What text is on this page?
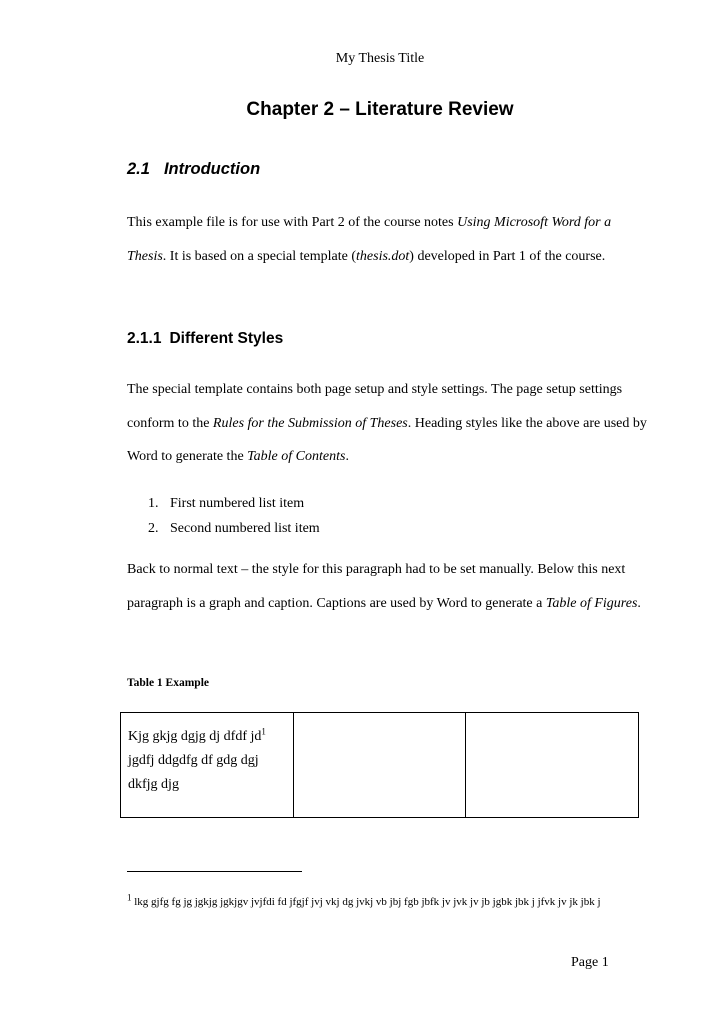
My Thesis Title
Chapter 2 – Literature Review
2.1 Introduction
This example file is for use with Part 2 of the course notes Using Microsoft Word for a Thesis. It is based on a special template (thesis.dot) developed in Part 1 of the course.
2.1.1 Different Styles
The special template contains both page setup and style settings. The page setup settings conform to the Rules for the Submission of Theses. Heading styles like the above are used by Word to generate the Table of Contents.
1. First numbered list item
2. Second numbered list item
Back to normal text – the style for this paragraph had to be set manually. Below this next paragraph is a graph and caption. Captions are used by Word to generate a Table of Figures.
Table 1 Example
Kjg gkjg dgjg dj dfdf $jd^1$
jgdfj ddgdfg df gdg dgj dkfjg djg		
$^1$ lkg gjfg fg jg jgkjg jgkjgv jvjfdi fd jfgjf jvj vkj dg jvkj vb jbj fgb jbfk jv jvk jv jb jgbk jbk j jfvk jv jk jbk j
Page 1
